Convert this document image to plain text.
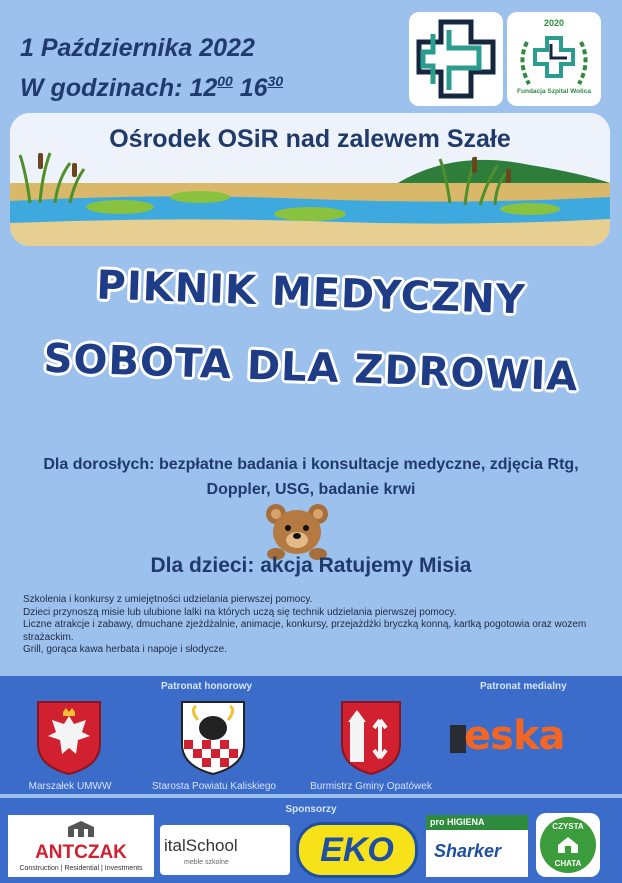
1 Października 2022
W godzinach: $12^{00}$ $16^{30}$
2020
Fundacja Szpital Wolica
Ośrodek OSiR nad zalewem Szałe
PIKNIK MEDYCZNY
SOBOTA DLA ZDROWIA
Dla dorosłych: bezpłatne badania i konsultacje medyczne, zdjęcia Rtg,
Doppler, USG, badanie krwi
Dla dzieci: akcja Ratujemy Misia

Szkolenia i konkursy z umiejętności udzielania pierwszej pomocy.

Dzieci przynoszą misie lub ulubione lalki na których uczą się technik udzielania pierwszej pomocy.

Liczne atrakcje i zabawy, dmuchane zjeżdżalnie, animacje, konkursy, przejażdżki bryczką konną, kartką pogotowia oraz wozem strażackim.

Grill, gorąca kawa herbata i napoje i słodycze.

Patronat honorowy	Patronat medialny
Marszałek UMWW	Starosta Powiatu Kaliskiego	Burmistrz Gminy Opatówek
eska
Sponsorzy
ANTCZAK
Construction | Residential | Investments
italSchool
meble szkolne	EKO
pro HIGIENA
Sharker
CZYSTA
CHATA
